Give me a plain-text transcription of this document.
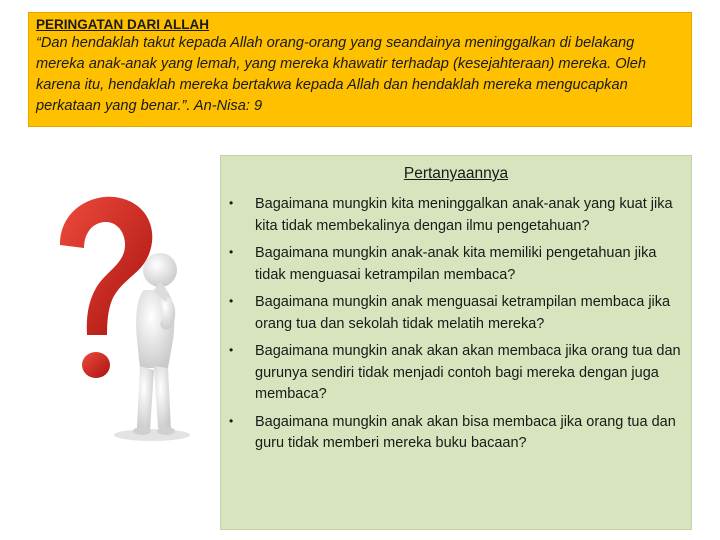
PERINGATAN DARI ALLAH
“Dan hendaklah takut kepada Allah orang-orang yang seandainya meninggalkan di belakang mereka anak-anak yang lemah, yang mereka khawatir terhadap (kesejahteraan) mereka. Oleh karena itu, hendaklah mereka bertakwa kepada Allah dan hendaklah mereka mengucapkan perkataan yang benar.”. An-Nisa: 9
Pertanyaannya
• Bagaimana mungkin kita meninggalkan anak-anak yang kuat jika kita tidak membekalinya dengan ilmu pengetahuan?
• Bagaimana mungkin anak-anak kita memiliki pengetahuan jika tidak menguasai ketrampilan membaca?
• Bagaimana mungkin anak menguasai ketrampilan membaca jika orang tua dan sekolah tidak melatih mereka?
• Bagaimana mungkin anak akan akan membaca jika orang tua dan gurunya sendiri tidak menjadi contoh bagi mereka dengan juga membaca?
• Bagaimana mungkin anak akan bisa membaca jika orang tua dan guru tidak memberi mereka buku bacaan?
